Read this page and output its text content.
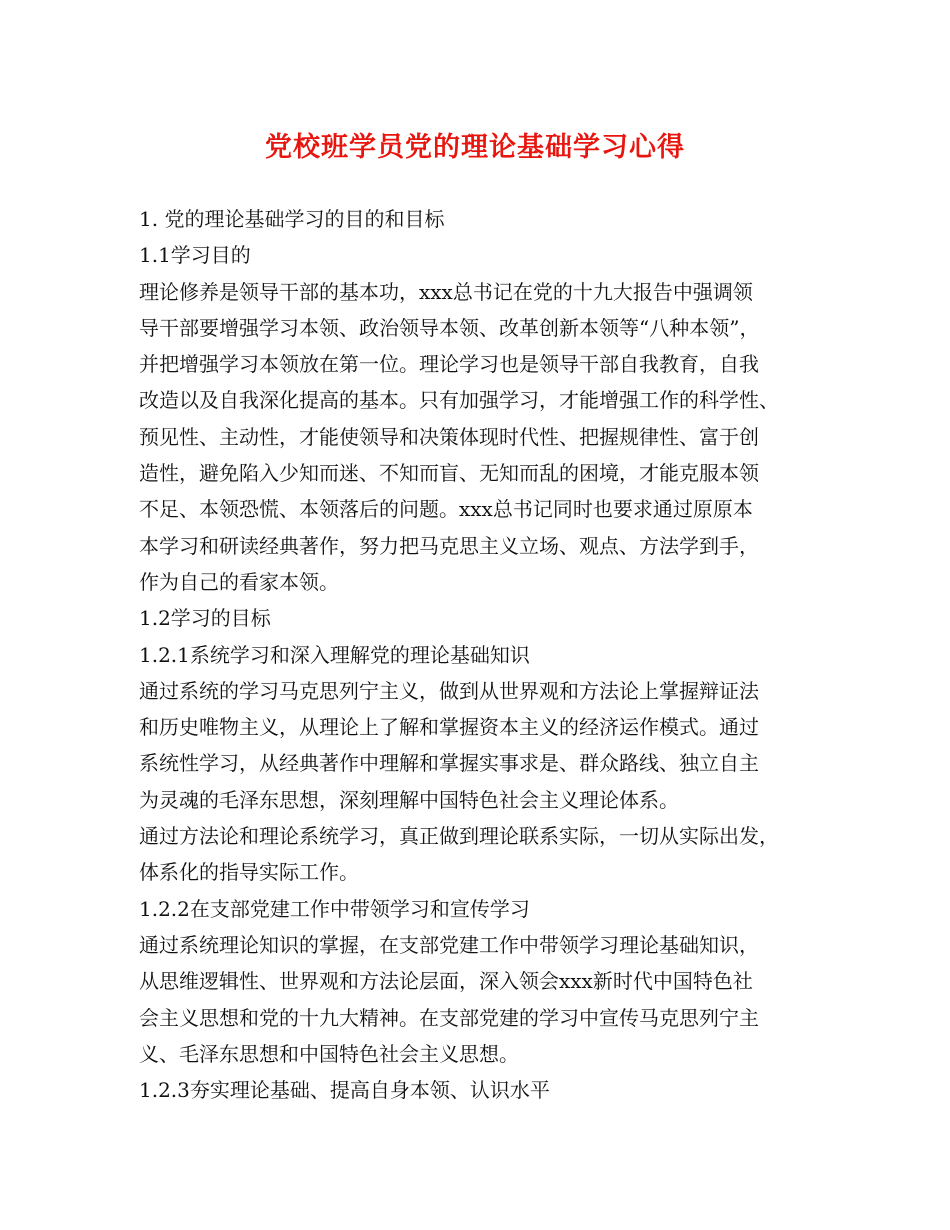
党校班学员党的理论基础学习心得
1. 党的理论基础学习的目的和目标
1.1学习目的
理论修养是领导干部的基本功，xxx总书记在党的十九大报告中强调领
导干部要增强学习本领、政治领导本领、改革创新本领等“八种本领”，
并把增强学习本领放在第一位。理论学习也是领导干部自我教育，自我
改造以及自我深化提高的基本。只有加强学习，才能增强工作的科学性、
预见性、主动性，才能使领导和决策体现时代性、把握规律性、富于创
造性，避免陷入少知而迷、不知而盲、无知而乱的困境，才能克服本领
不足、本领恐慌、本领落后的问题。xxx总书记同时也要求通过原原本
本学习和研读经典著作，努力把马克思主义立场、观点、方法学到手，
作为自己的看家本领。
1.2学习的目标
1.2.1系统学习和深入理解党的理论基础知识
通过系统的学习马克思列宁主义，做到从世界观和方法论上掌握辩证法
和历史唯物主义，从理论上了解和掌握资本主义的经济运作模式。通过
系统性学习，从经典著作中理解和掌握实事求是、群众路线、独立自主
为灵魂的毛泽东思想，深刻理解中国特色社会主义理论体系。
通过方法论和理论系统学习，真正做到理论联系实际，一切从实际出发，
体系化的指导实际工作。
1.2.2在支部党建工作中带领学习和宣传学习
通过系统理论知识的掌握，在支部党建工作中带领学习理论基础知识，
从思维逻辑性、世界观和方法论层面，深入领会xxx新时代中国特色社
会主义思想和党的十九大精神。在支部党建的学习中宣传马克思列宁主
义、毛泽东思想和中国特色社会主义思想。
1.2.3夯实理论基础、提高自身本领、认识水平
